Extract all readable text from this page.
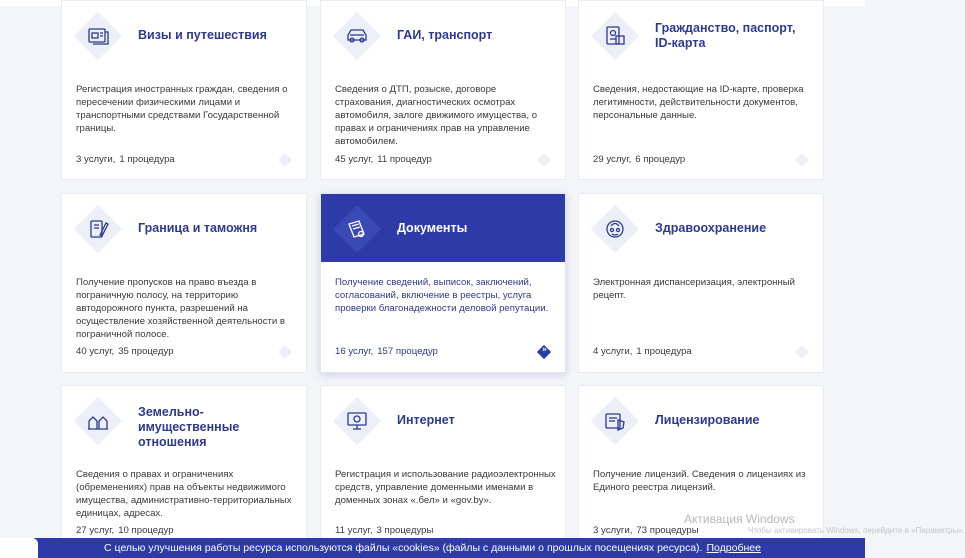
Визы и путешествия
Регистрация иностранных граждан, сведения о пересечении физическими лицами и транспортными средствами Государственной границы.
3 услуги, 1 процедура
ГАИ, транспорт
Сведения о ДТП, розыске, договоре страхования, диагностических осмотрах автомобиля, залоге движимого имущества, о правах и ограничениях прав на управление автомобилем.
45 услуг, 11 процедур
Гражданство, паспорт, ID-карта
Сведения, недостающие на ID-карте, проверка легитимности, действительности документов, персональные данные.
29 услуг, 6 процедур
Граница и таможня
Получение пропусков на право въезда в пограничную полосу, на территорию автодорожного пункта, разрешений на осуществление хозяйственной деятельности в пограничной полосе.
40 услуг, 35 процедур
Документы
Получение сведений, выписок, заключений, согласований, включение в реестры, услуга проверки благонадежности деловой репутации.
16 услуг, 157 процедур	»
Здравоохранение
Электронная диспансеризация, электронный рецепт.
4 услуги, 1 процедура
Земельно-имущественные отношения
Сведения о правах и ограничениях (обременениях) прав на объекты недвижимого имущества, административно-территориальных единицах, адресах.
27 услуг, 10 процедур
Интернет
Регистрация и использование радиоэлектронных средств, управление доменными именами в доменных зонах «.бел» и «gov.by».
11 услуг, 3 процедуры
Лицензирование
Получение лицензий. Сведения о лицензиях из Единого реестра лицензий.
3 услуги, 73 процедуры
Активация Windows
Чтобы активировать Windows, перейдите в «Параметры».
С целью улучшения работы ресурса используются файлы «cookies» (файлы с данными о прошлых посещениях ресурса). Подробнее
